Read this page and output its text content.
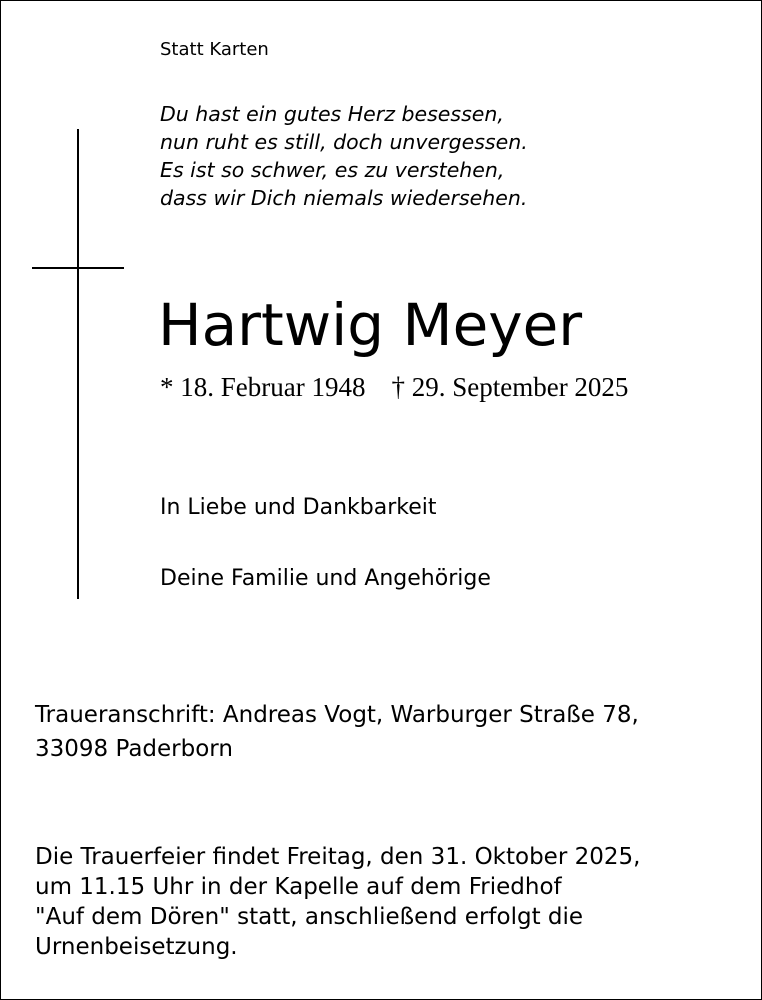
Statt Karten
Du hast ein gutes Herz besessen,
nun ruht es still, doch unvergessen.
Es ist so schwer, es zu verstehen,
dass wir Dich niemals wiedersehen.
Hartwig Meyer
* 18. Februar 1948 † 29. September 2025
In Liebe und Dankbarkeit
Deine Familie und Angehörige
Traueranschrift: Andreas Vogt, Warburger Straße 78,
33098 Paderborn
Die Trauerfeier findet Freitag, den 31. Oktober 2025,
um 11.15 Uhr in der Kapelle auf dem Friedhof
"Auf dem Dören" statt, anschließend erfolgt die
Urnenbeisetzung.
